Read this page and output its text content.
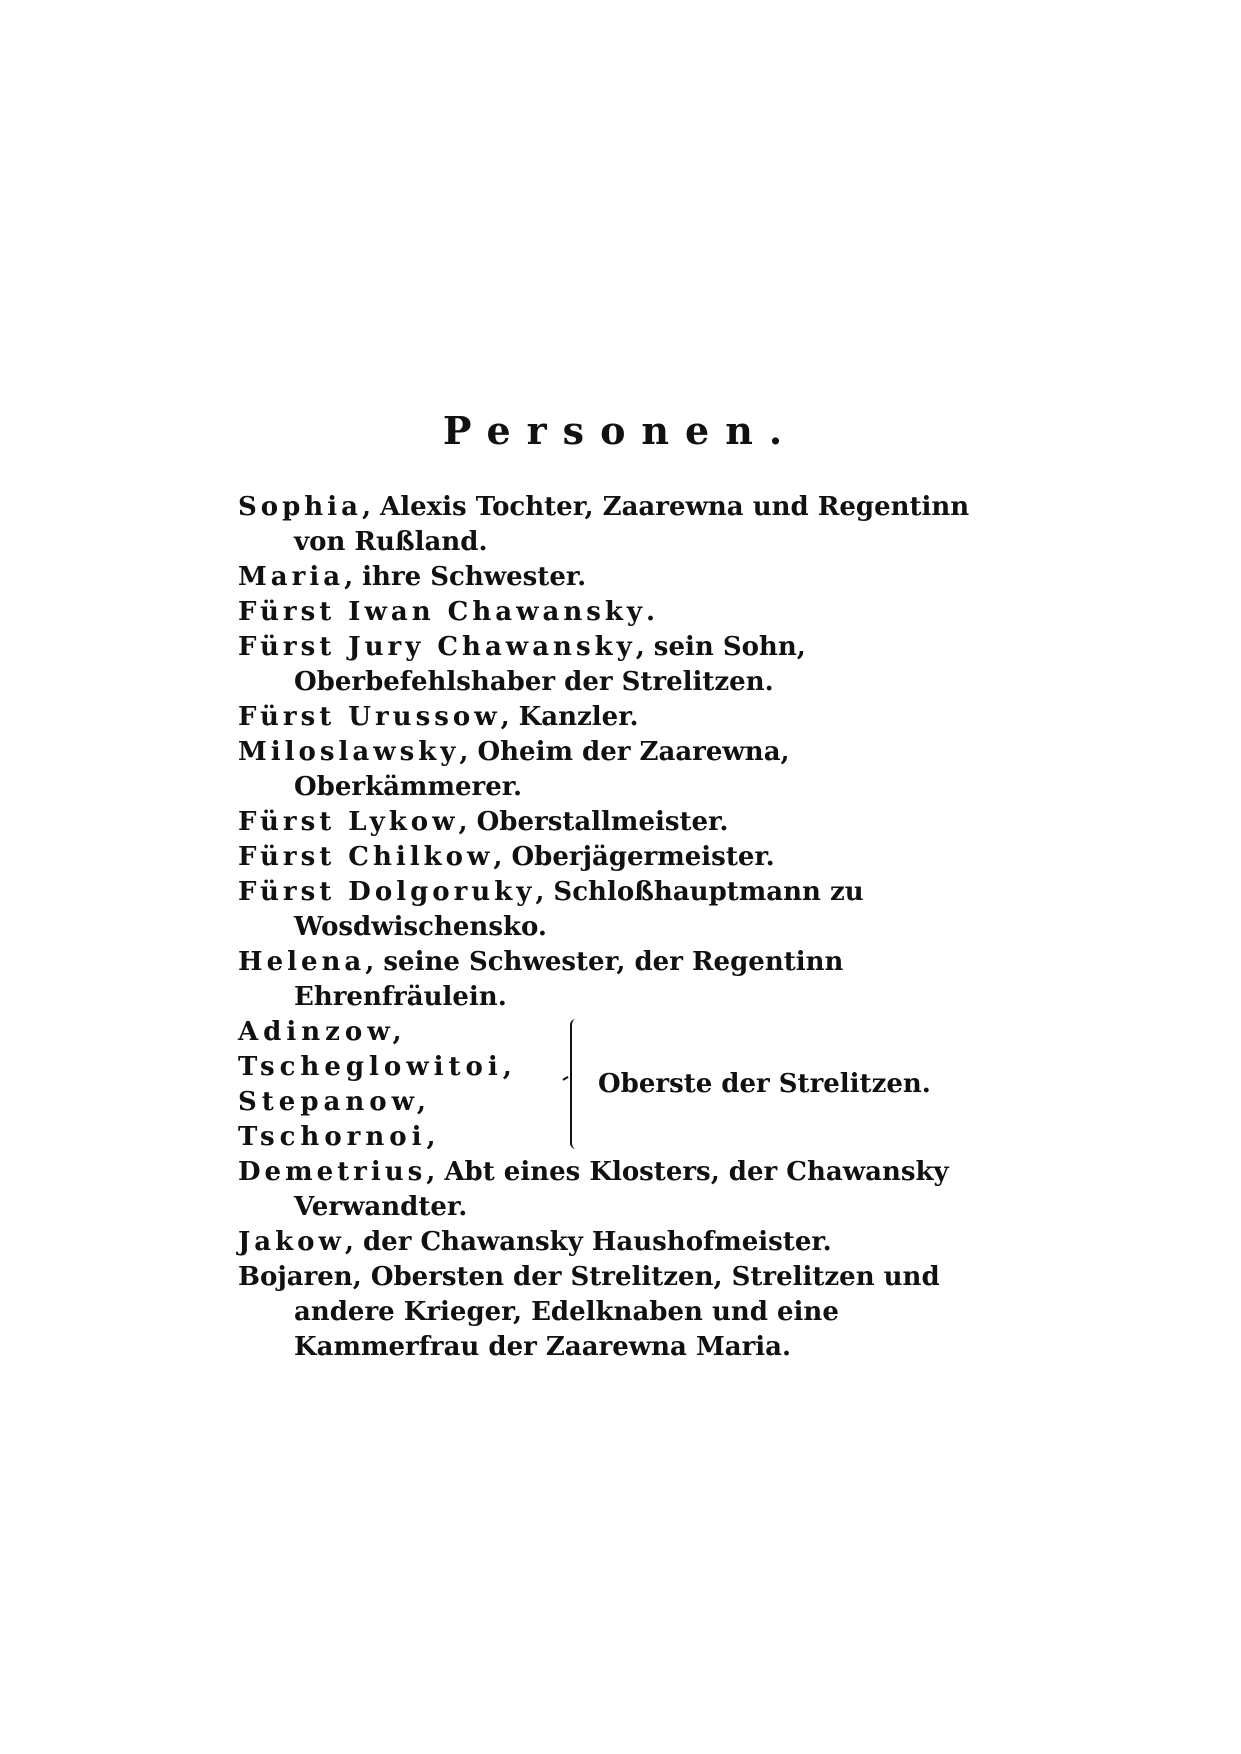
Personen.
Sophia, Alexis Tochter, Zaarewna und Regentinn von Rußland.
Maria, ihre Schwester.
Fürst Iwan Chawansky.
Fürst Jury Chawansky, sein Sohn, Oberbefehlshaber der Strelitzen.
Fürst Urussow, Kanzler.
Miloslawsky, Oheim der Zaarewna, Oberkämmerer.
Fürst Lykow, Oberstallmeister.
Fürst Chilkow, Oberjägermeister.
Fürst Dolgoruky, Schloßhauptmann zu Wosdwischensko.
Helena, seine Schwester, der Regentinn Ehrenfräulein.
Adinzow,
Tscheglowitoi,
Stepanow,
Tschornoi,
Oberste der Strelitzen.
Demetrius, Abt eines Klosters, der Chawansky Verwandter.
Jakow, der Chawansky Haushofmeister.
Bojaren, Obersten der Strelitzen, Strelitzen und andere Krieger, Edelknaben und eine Kammerfrau der Zaarewna Maria.
